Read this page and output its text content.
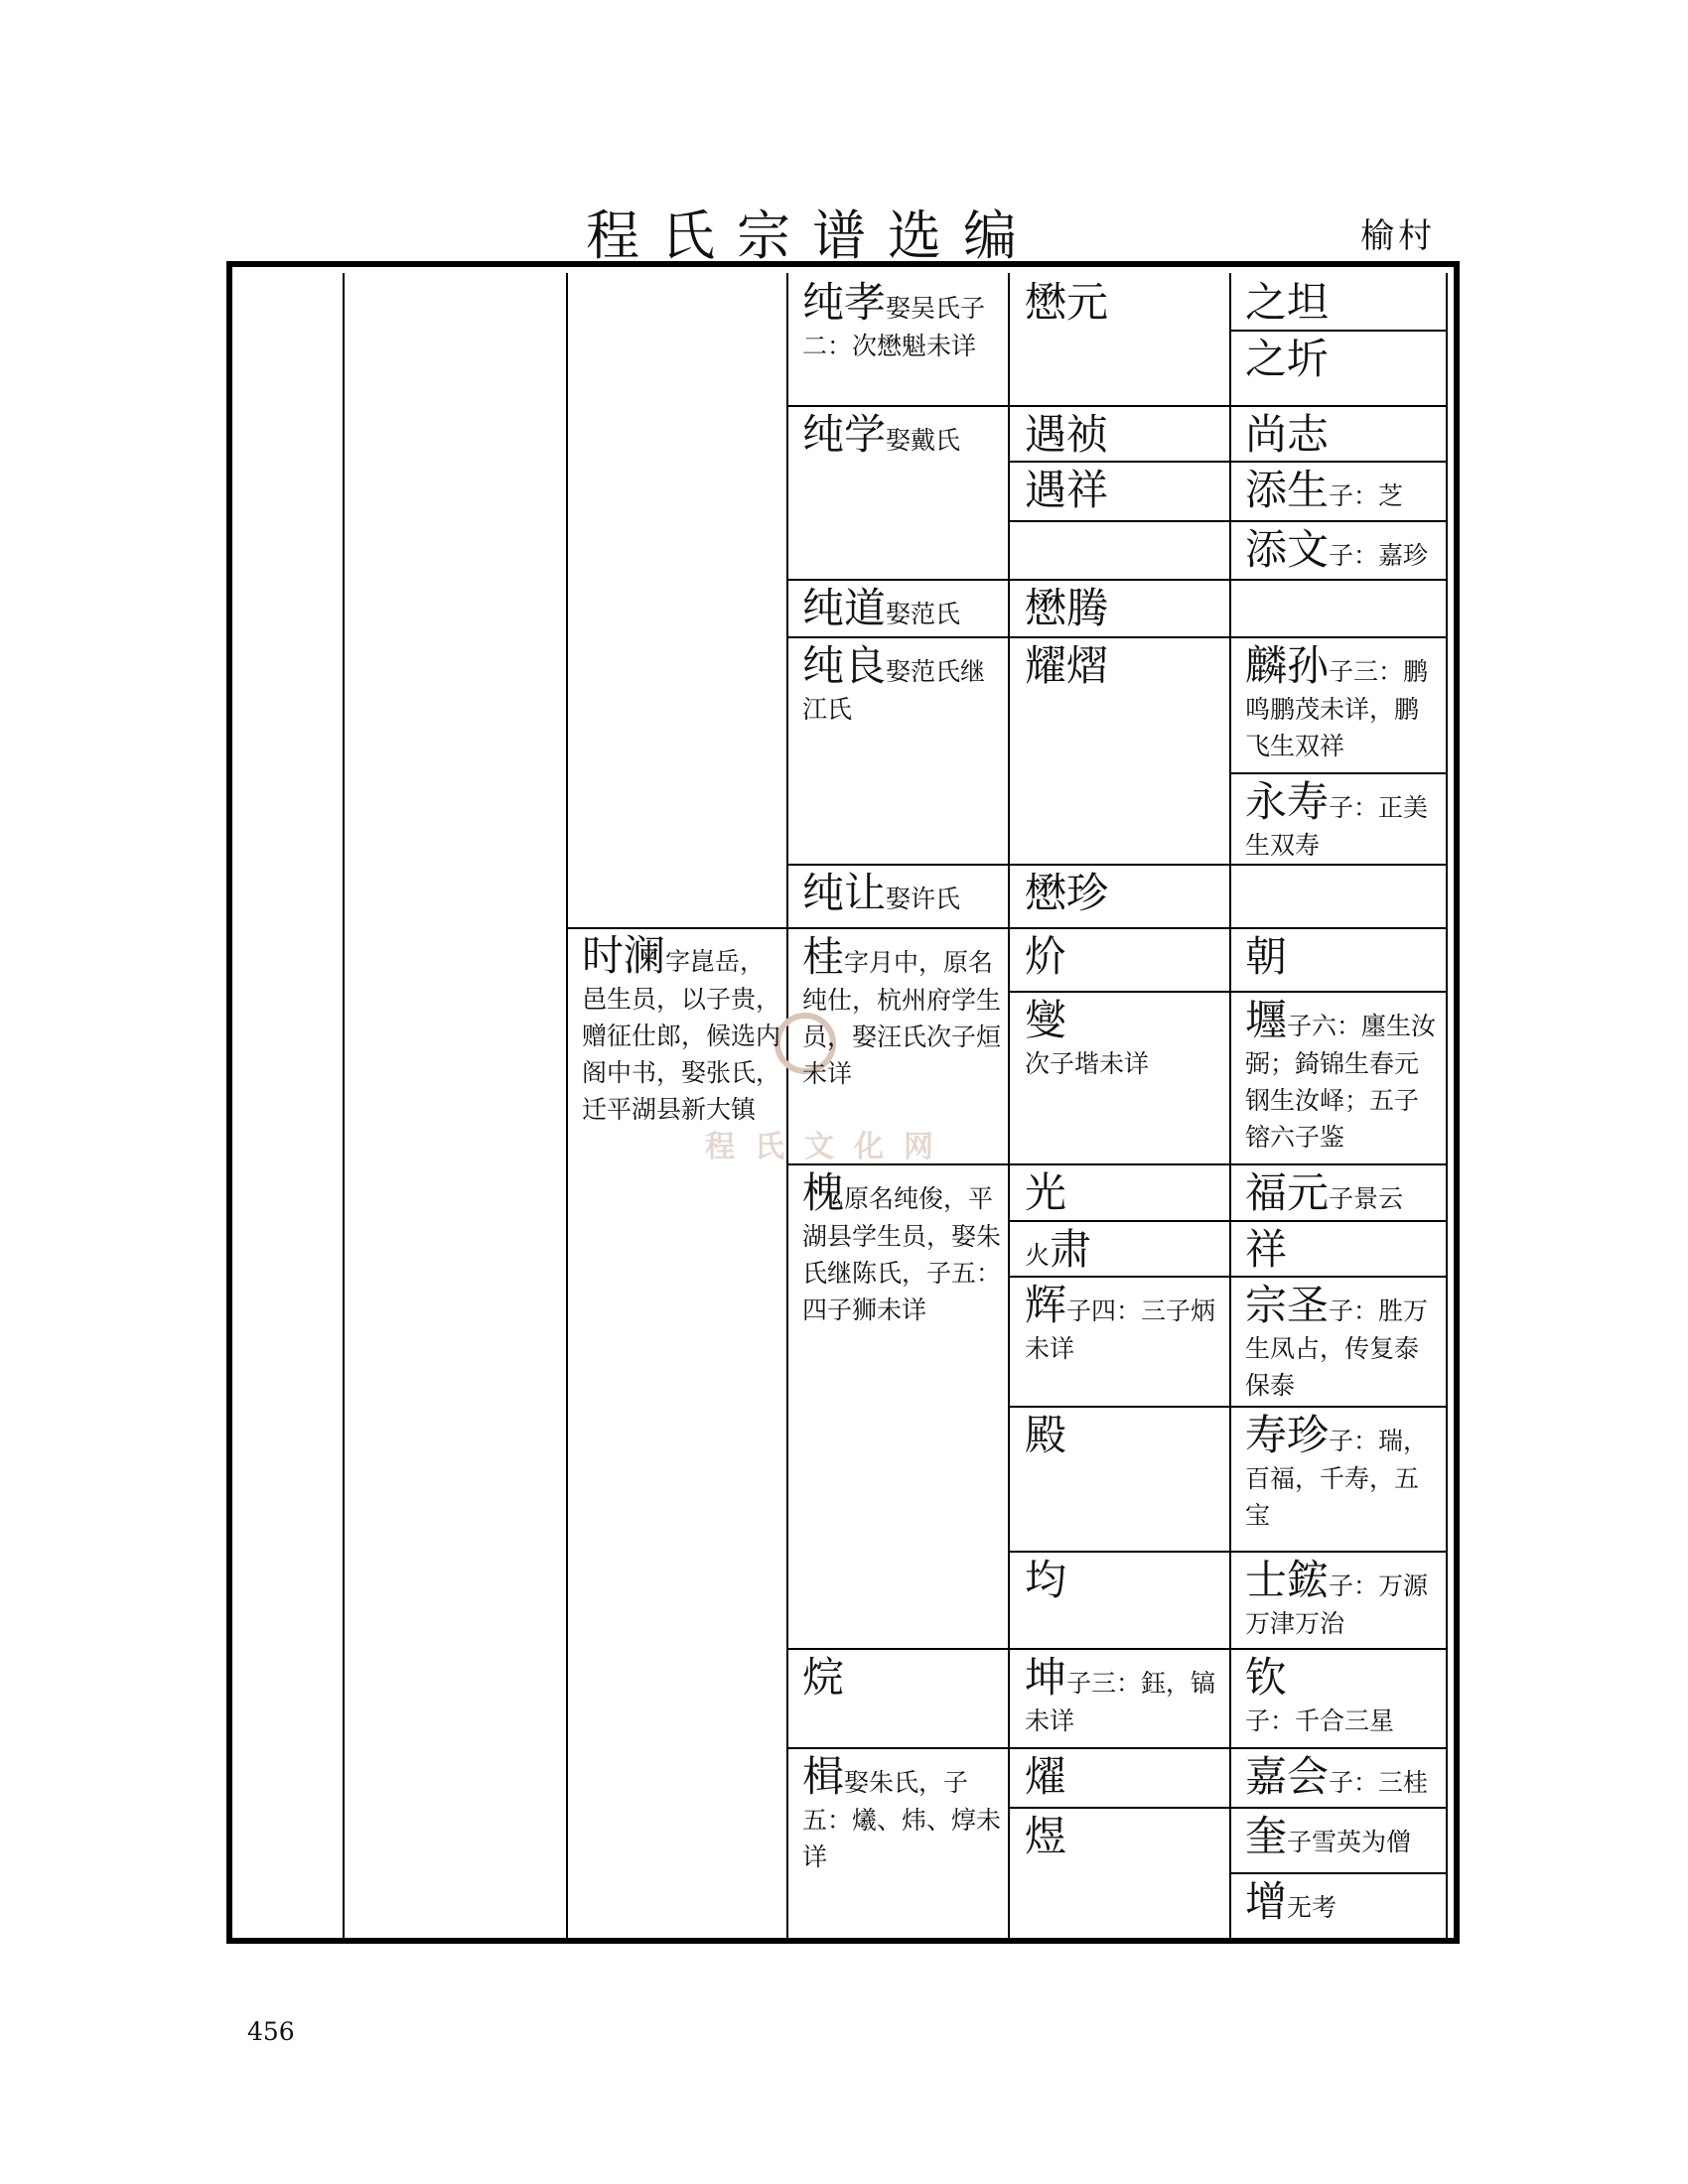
程氏宗谱选编	榆村
程氏文化网
时澜字崑岳，邑生员，以子贵，赠征仕郎，候选内阁中书，娶张氏，迁平湖县新大镇
纯孝娶吴氏子二：次懋魁未详
纯学娶戴氏
纯道娶范氏
纯良娶范氏继江氏
纯让娶许氏
桂字月中，原名纯仕，杭州府学生员，娶汪氏次子烜未详
槐原名纯俊，平湖县学生员，娶朱氏继陈氏，子五：四子狮未详
烷
楫娶朱氏，子五：爔、炜、焞未详
懋元
遇祯
遇祥
懋腾
耀熠
懋珍
炌
燮
次子堦未详
光
火肃
辉子四：三子炳未详
殿
均
坤子三：鈺，镐未详
燿
煜
之坦
之圻
尚志
添生子：芝
添文子：嘉珍
麟孙子三：鹏鸣鹏茂未详，鹏飞生双祥
永寿子：正美生双寿
朝
壥子六：廛生汝弼；錡锦生春元钢生汝峄；五子镕六子鉴
福元子景云
祥
宗圣子：胜万生凤占，传复泰保泰
寿珍子：瑞，百福，千寿，五宝
士鋐子：万源万津万治
钦
子：千合三星
嘉会子：三桂
奎子雪英为僧
增无考
456
